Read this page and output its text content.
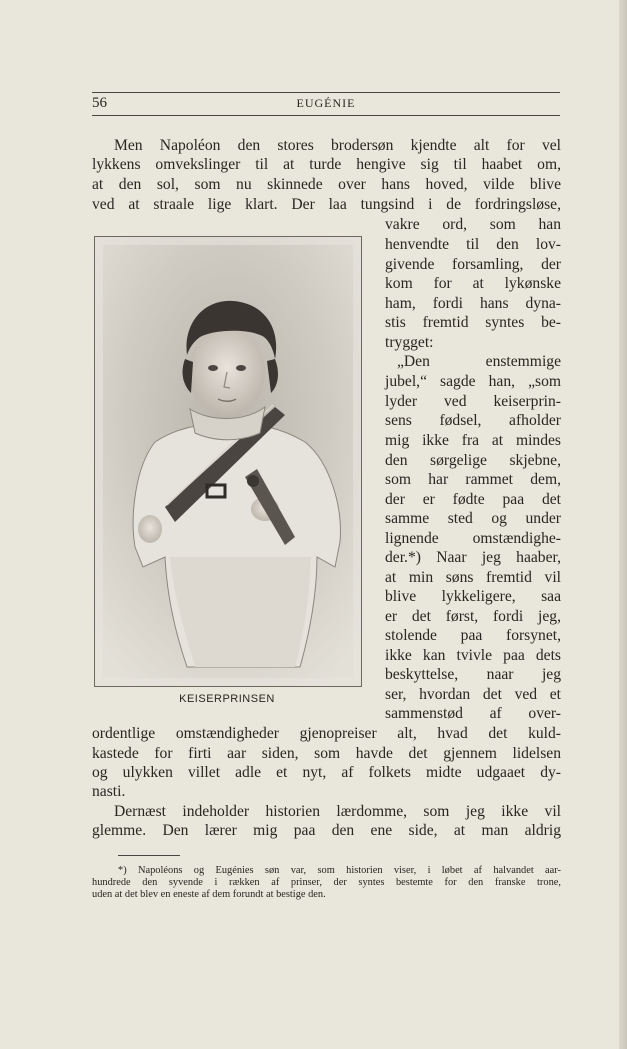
56	EUGÉNIE
Men Napoléon den stores brodersøn kjendte alt for vel
lykkens omvekslinger til at turde hengive sig til haabet om,
at den sol, som nu skinnede over hans hoved, vilde blive
ved at straale lige klart. Der laa tungsind i de fordringsløse,
vakre ord, som han
henvendte til den lov-
givende forsamling, der
kom for at lykønske
ham, fordi hans dyna-
stis fremtid syntes be-
trygget:
„Den enstemmige
jubel,“ sagde han, „som
lyder ved keiserprin-
sens fødsel, afholder
mig ikke fra at mindes
den sørgelige skjebne,
som har rammet dem,
der er fødte paa det
samme sted og under
lignende omstændighe-
der.*) Naar jeg haaber,
at min søns fremtid vil
blive lykkeligere, saa
er det først, fordi jeg,
stolende paa forsynet,
ikke kan tvivle paa dets
beskyttelse, naar jeg
ser, hvordan det ved et
sammenstød af over-
ordentlige omstændigheder gjenopreiser alt, hvad det kuld-
kastede for firti aar siden, som havde det gjennem lidelsen
og ulykken villet adle et nyt, af folkets midte udgaaet dy-
nasti.
Dernæst indeholder historien lærdomme, som jeg ikke vil
glemme. Den lærer mig paa den ene side, at man aldrig
KEISERPRINSEN
*) Napoléons og Eugénies søn var, som historien viser, i løbet af halvandet aar-
hundrede den syvende i rækken af prinser, der syntes bestemte for den franske trone,
uden at det blev en eneste af dem forundt at bestige den.
